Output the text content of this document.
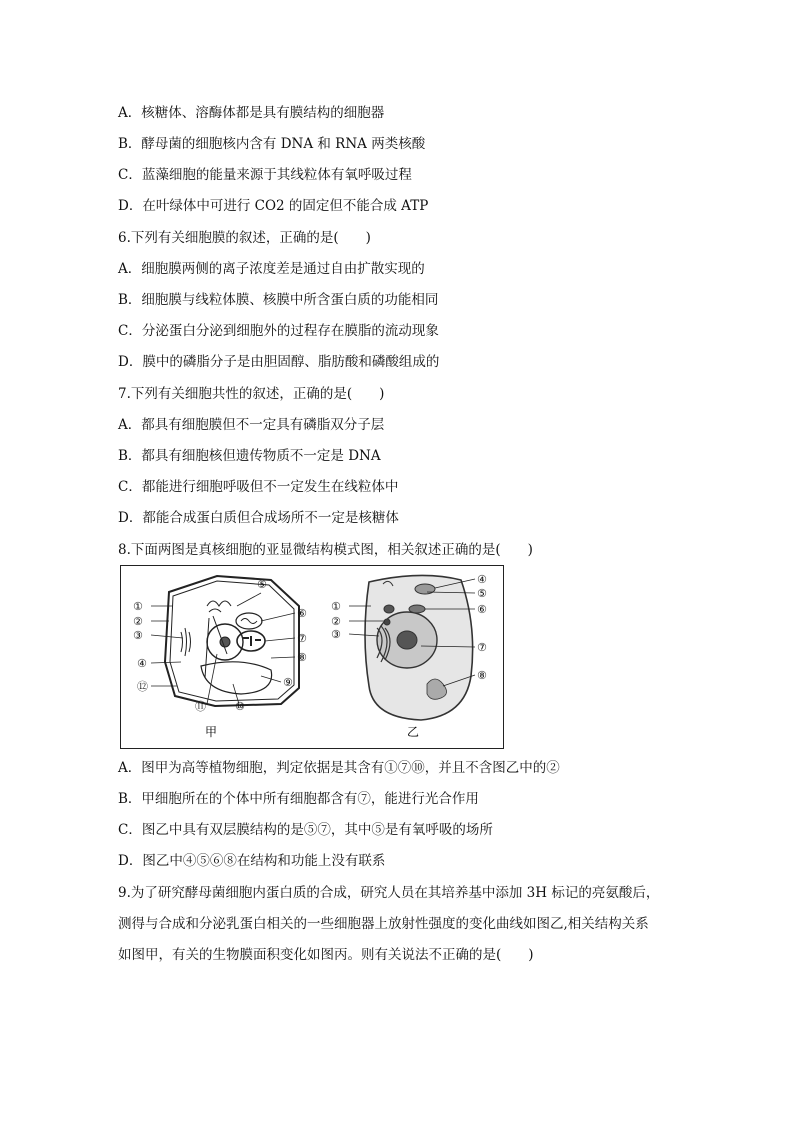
A．核糖体、溶酶体都是具有膜结构的细胞器
B．酵母菌的细胞核内含有 DNA 和 RNA 两类核酸
C．蓝藻细胞的能量来源于其线粒体有氧呼吸过程
D．在叶绿体中可进行 CO2 的固定但不能合成 ATP
6.下列有关细胞膜的叙述，正确的是(　　)
A．细胞膜两侧的离子浓度差是通过自由扩散实现的
B．细胞膜与线粒体膜、核膜中所含蛋白质的功能相同
C．分泌蛋白分泌到细胞外的过程存在膜脂的流动现象
D．膜中的磷脂分子是由胆固醇、脂肪酸和磷酸组成的
7.下列有关细胞共性的叙述，正确的是(　　)
A．都具有细胞膜但不一定具有磷脂双分子层
B．都具有细胞核但遗传物质不一定是 DNA
C．都能进行细胞呼吸但不一定发生在线粒体中
D．都能合成蛋白质但合成场所不一定是核糖体
8.下面两图是真核细胞的亚显微结构模式图，相关叙述正确的是(　　)
①
②
③
④
⑫
⑤
⑥
⑦
⑧
⑨
⑪	⑩
甲
①
②
③
④
⑤
⑥
⑦
⑧
乙
A．图甲为高等植物细胞，判定依据是其含有①⑦⑩，并且不含图乙中的②
B．甲细胞所在的个体中所有细胞都含有⑦，能进行光合作用
C．图乙中具有双层膜结构的是⑤⑦，其中⑤是有氧呼吸的场所
D．图乙中④⑤⑥⑧在结构和功能上没有联系
9.为了研究酵母菌细胞内蛋白质的合成，研究人员在其培养基中添加 3H 标记的亮氨酸后，
测得与合成和分泌乳蛋白相关的一些细胞器上放射性强度的变化曲线如图乙,相关结构关系
如图甲，有关的生物膜面积变化如图丙。则有关说法不正确的是(　　)
